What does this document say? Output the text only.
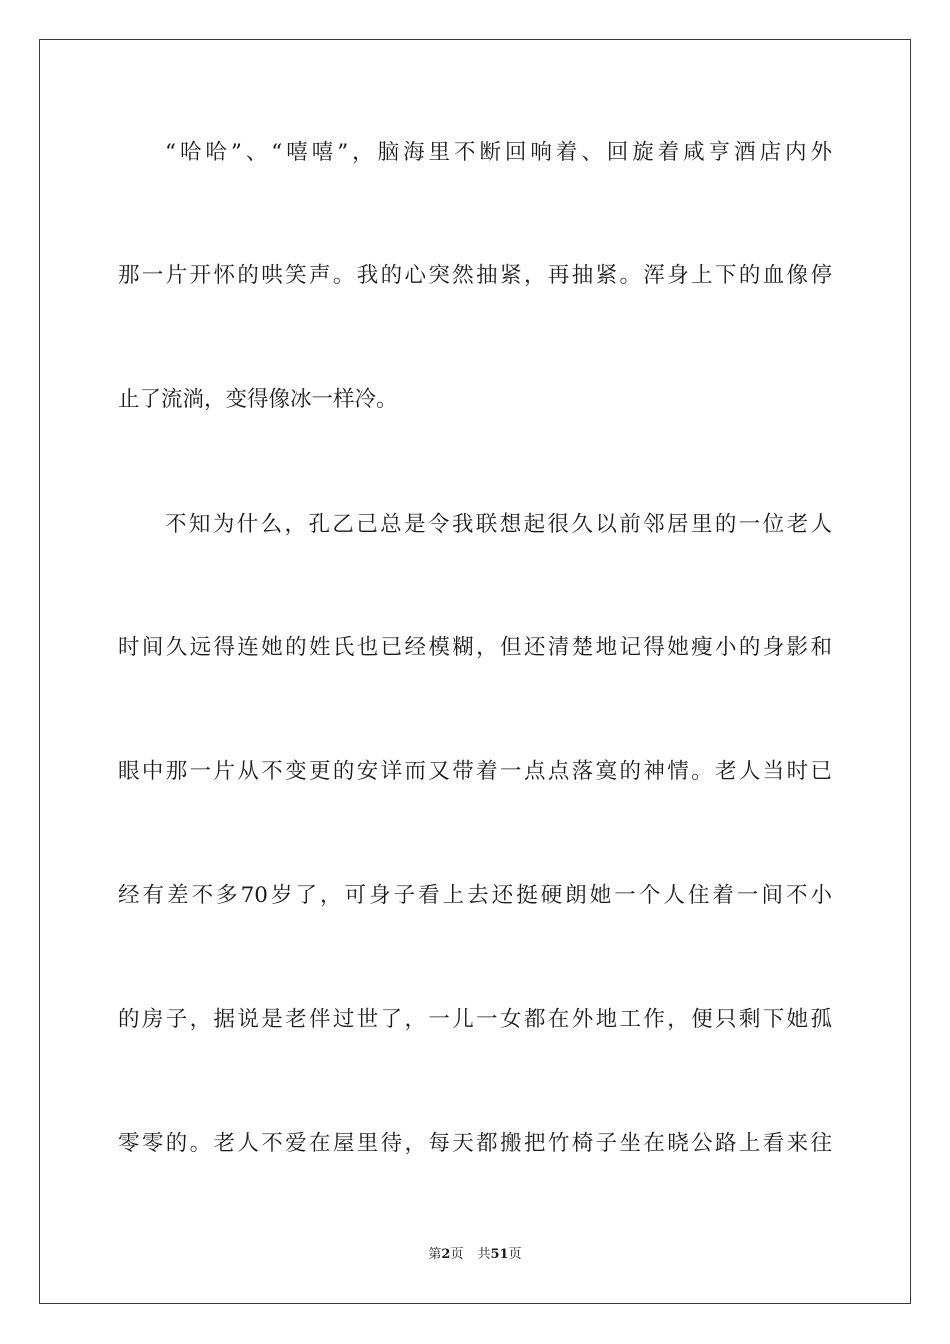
“哈哈”、“嘻嘻”，脑海里不断回响着、回旋着咸亨酒店内外
那一片开怀的哄笑声。我的心突然抽紧，再抽紧。浑身上下的血像停
止了流淌，变得像冰一样冷。
不知为什么，孔乙己总是令我联想起很久以前邻居里的一位老人
时间久远得连她的姓氏也已经模糊，但还清楚地记得她瘦小的身影和
眼中那一片从不变更的安详而又带着一点点落寞的神情。老人当时已
经有差不多70岁了，可身子看上去还挺硬朗她一个人住着一间不小
的房子，据说是老伴过世了，一儿一女都在外地工作，便只剩下她孤
零零的。老人不爱在屋里待，每天都搬把竹椅子坐在晓公路上看来往
第2页 共51页
